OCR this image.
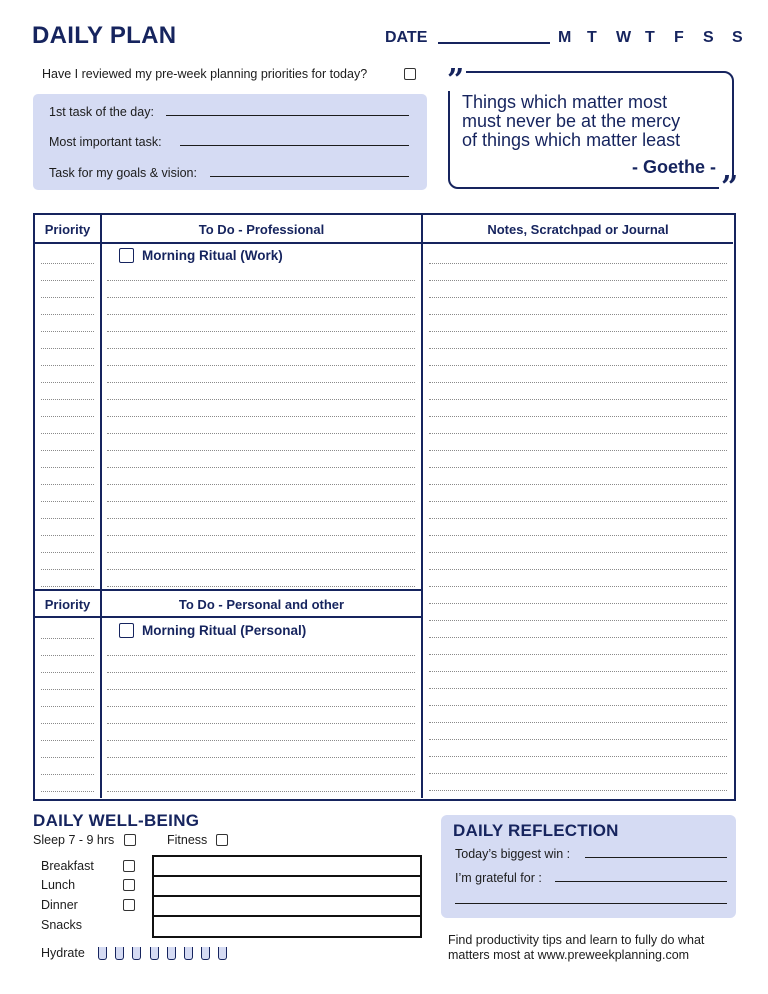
DAILY PLAN	DATE	M T	W T	F	S	S
Have I reviewed my pre-week planning priorities for today?
1st task of the day:
Most important task:
Task for my goals & vision:
Things which matter most
must never be at the mercy
of things which matter least
- Goethe -
”
”
Priority	To Do - Professional	Notes, Scratchpad or Journal
Morning Ritual (Work)
Priority	To Do - Personal and other
Morning Ritual (Personal)
DAILY WELL-BEING
Sleep 7 - 9 hrs	Fitness
Breakfast
Lunch
Dinner
Snacks
Hydrate
DAILY REFLECTION
Today’s biggest win :
I’m grateful for :
Find productivity tips and learn to fully do what
matters most at www.preweekplanning.com
